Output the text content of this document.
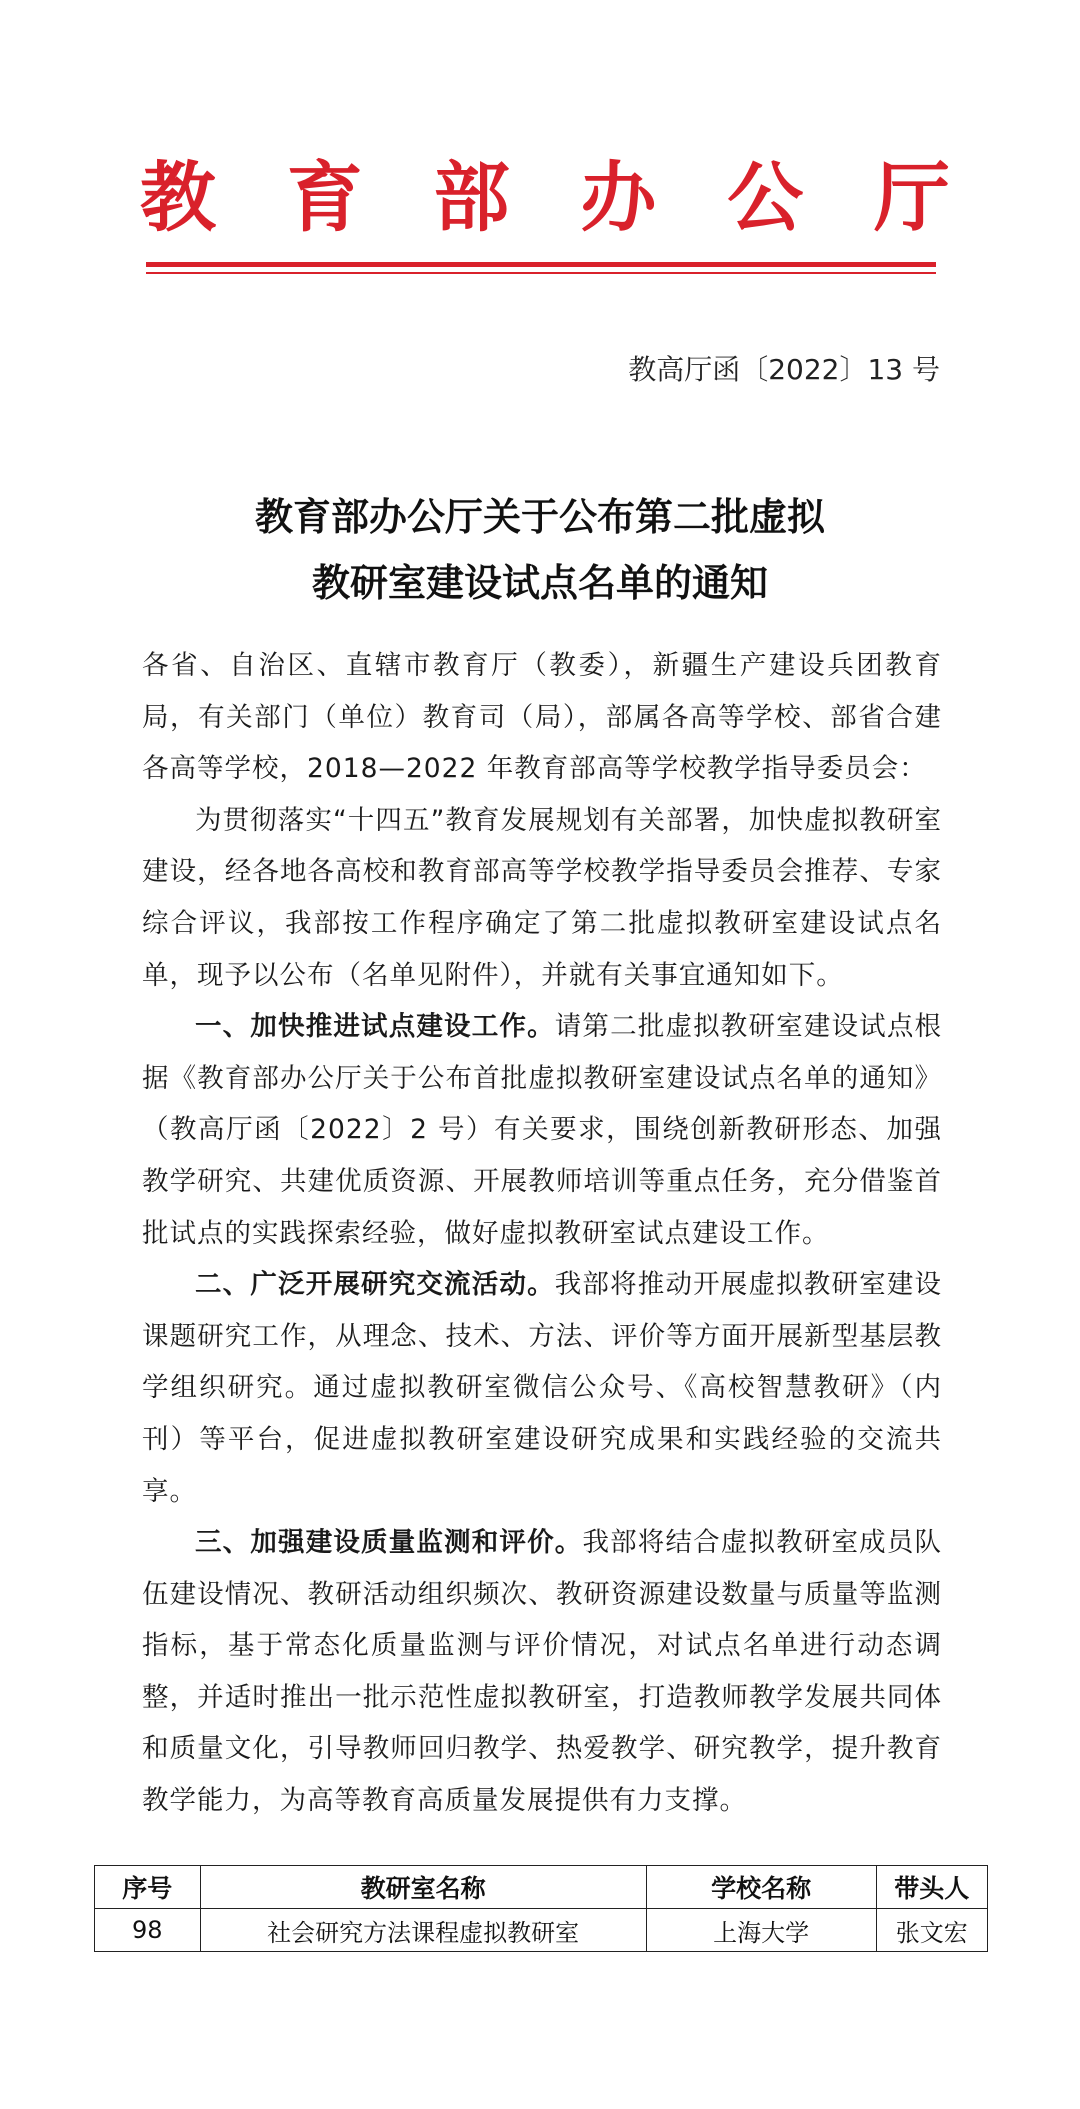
教 育 部 办 公 厅
教高厅函〔2022〕13 号
教育部办公厅关于公布第二批虚拟
教研室建设试点名单的通知

各省、自治区、直辖市教育厅（教委），新疆生产建设兵团教育局，有关部门（单位）教育司（局），部属各高等学校、部省合建各高等学校，2018—2022 年教育部高等学校教学指导委员会：

为贯彻落实“十四五”教育发展规划有关部署，加快虚拟教研室建设，经各地各高校和教育部高等学校教学指导委员会推荐、专家综合评议，我部按工作程序确定了第二批虚拟教研室建设试点名单，现予以公布（名单见附件），并就有关事宜通知如下。

一、加快推进试点建设工作。请第二批虚拟教研室建设试点根据《教育部办公厅关于公布首批虚拟教研室建设试点名单的通知》（教高厅函〔2022〕2 号）有关要求，围绕创新教研形态、加强教学研究、共建优质资源、开展教师培训等重点任务，充分借鉴首批试点的实践探索经验，做好虚拟教研室试点建设工作。

二、广泛开展研究交流活动。我部将推动开展虚拟教研室建设课题研究工作，从理念、技术、方法、评价等方面开展新型基层教学组织研究。通过虚拟教研室微信公众号、《高校智慧教研》（内刊）等平台，促进虚拟教研室建设研究成果和实践经验的交流共享。

三、加强建设质量监测和评价。我部将结合虚拟教研室成员队伍建设情况、教研活动组织频次、教研资源建设数量与质量等监测指标，基于常态化质量监测与评价情况，对试点名单进行动态调整，并适时推出一批示范性虚拟教研室，打造教师教学发展共同体和质量文化，引导教师回归教学、热爱教学、研究教学，提升教育教学能力，为高等教育高质量发展提供有力支撑。

序号	教研室名称	学校名称	带头人
98	社会研究方法课程虚拟教研室	上海大学	张文宏
